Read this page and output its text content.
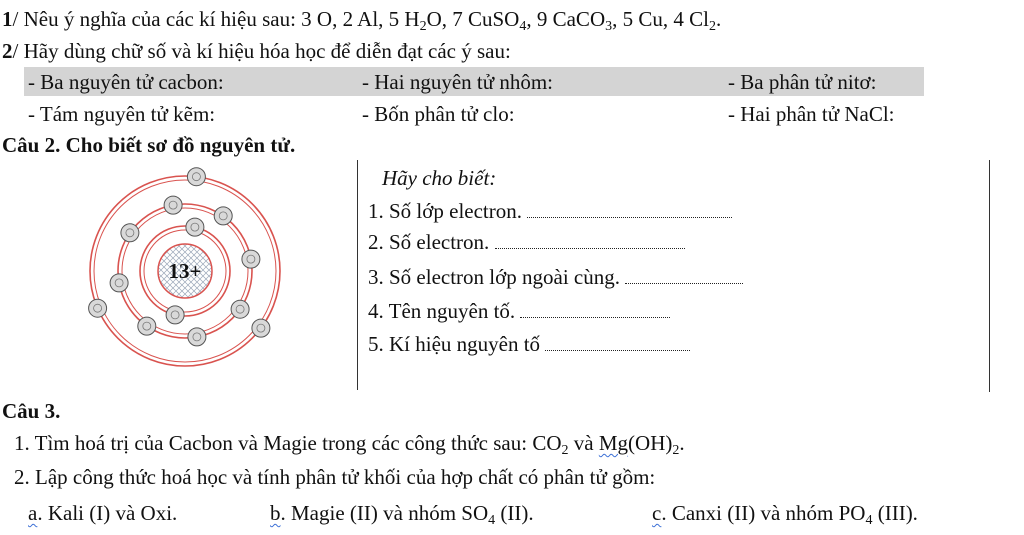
1/ Nêu ý nghĩa của các kí hiệu sau: 3 O, 2 Al, 5 $H_2O$, 7 CuSO$_4$, 9 CaCO$_3$, 5 Cu, 4 $Cl_2$.
2/ Hãy dùng chữ số và kí hiệu hóa học để diễn đạt các ý sau:
- Ba nguyên tử cacbon:	- Hai nguyên tử nhôm:	- Ba phân tử nitơ:
- Tám nguyên tử kẽm:	- Bốn phân tử clo:	- Hai phân tử NaCl:
Câu 2. Cho biết sơ đồ nguyên tử.
13+
Hãy cho biết:
1. Số lớp electron.
2. Số electron.
3. Số electron lớp ngoài cùng.
4. Tên nguyên tố.
5. Kí hiệu nguyên tố
Câu 3.
1. Tìm hoá trị của Cacbon và Magie trong các công thức sau: $CO_2$ và $Mg(OH)_2$.
2. Lập công thức hoá học và tính phân tử khối của hợp chất có phân tử gồm:
a. Kali (I) và Oxi.	b. Magie (II) và nhóm $SO_4$ (II).	c. Canxi (II) và nhóm $PO_4$ (III).
